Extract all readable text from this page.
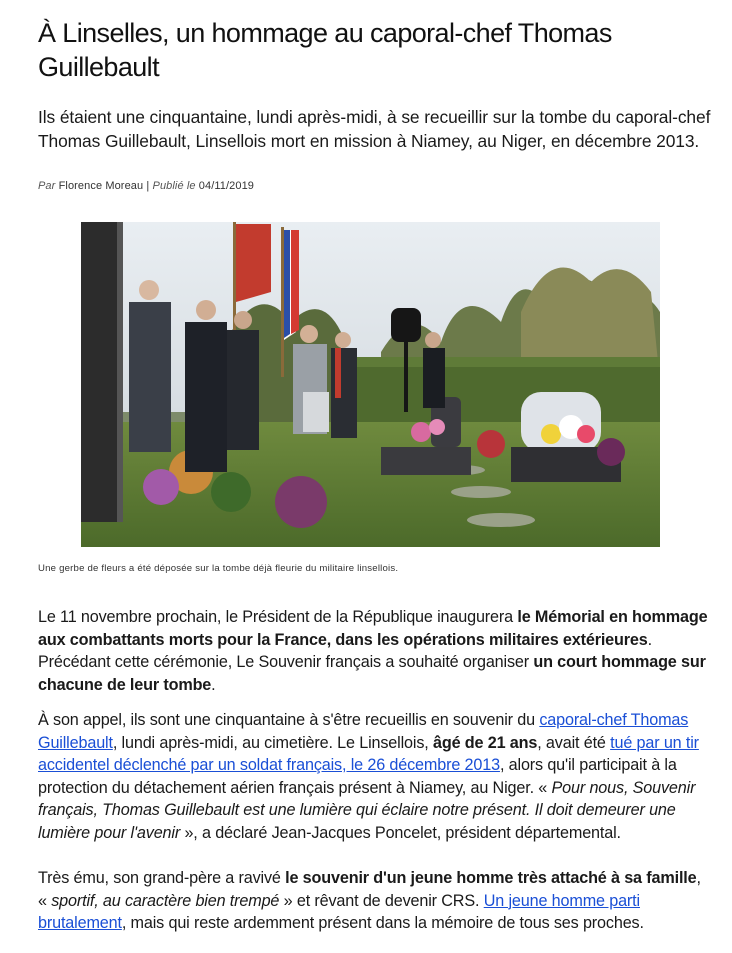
À Linselles, un hommage au caporal-chef Thomas Guillebault

Ils étaient une cinquantaine, lundi après-midi, à se recueillir sur la tombe du caporal-chef Thomas Guillebault, Linsellois mort en mission à Niamey, au Niger, en décembre 2013.

Par Florence Moreau | Publié le 04/11/2019
Une gerbe de fleurs a été déposée sur la tombe déjà fleurie du militaire linsellois.

Le 11 novembre prochain, le Président de la République inaugurera le Mémorial en hommage aux combattants morts pour la France, dans les opérations militaires extérieures. Précédant cette cérémonie, Le Souvenir français a souhaité organiser un court hommage sur chacune de leur tombe.

À son appel, ils sont une cinquantaine à s'être recueillis en souvenir du caporal-chef Thomas Guillebault, lundi après-midi, au cimetière. Le Linsellois, âgé de 21 ans, avait été tué par un tir accidentel déclenché par un soldat français, le 26 décembre 2013, alors qu'il participait à la protection du détachement aérien français présent à Niamey, au Niger. « Pour nous, Souvenir français, Thomas Guillebault est une lumière qui éclaire notre présent. Il doit demeurer une lumière pour l'avenir », a déclaré Jean-Jacques Poncelet, président départemental.

Très ému, son grand-père a ravivé le souvenir d'un jeune homme très attaché à sa famille, « sportif, au caractère bien trempé » et rêvant de devenir CRS. Un jeune homme parti brutalement, mais qui reste ardemment présent dans la mémoire de tous ses proches.
